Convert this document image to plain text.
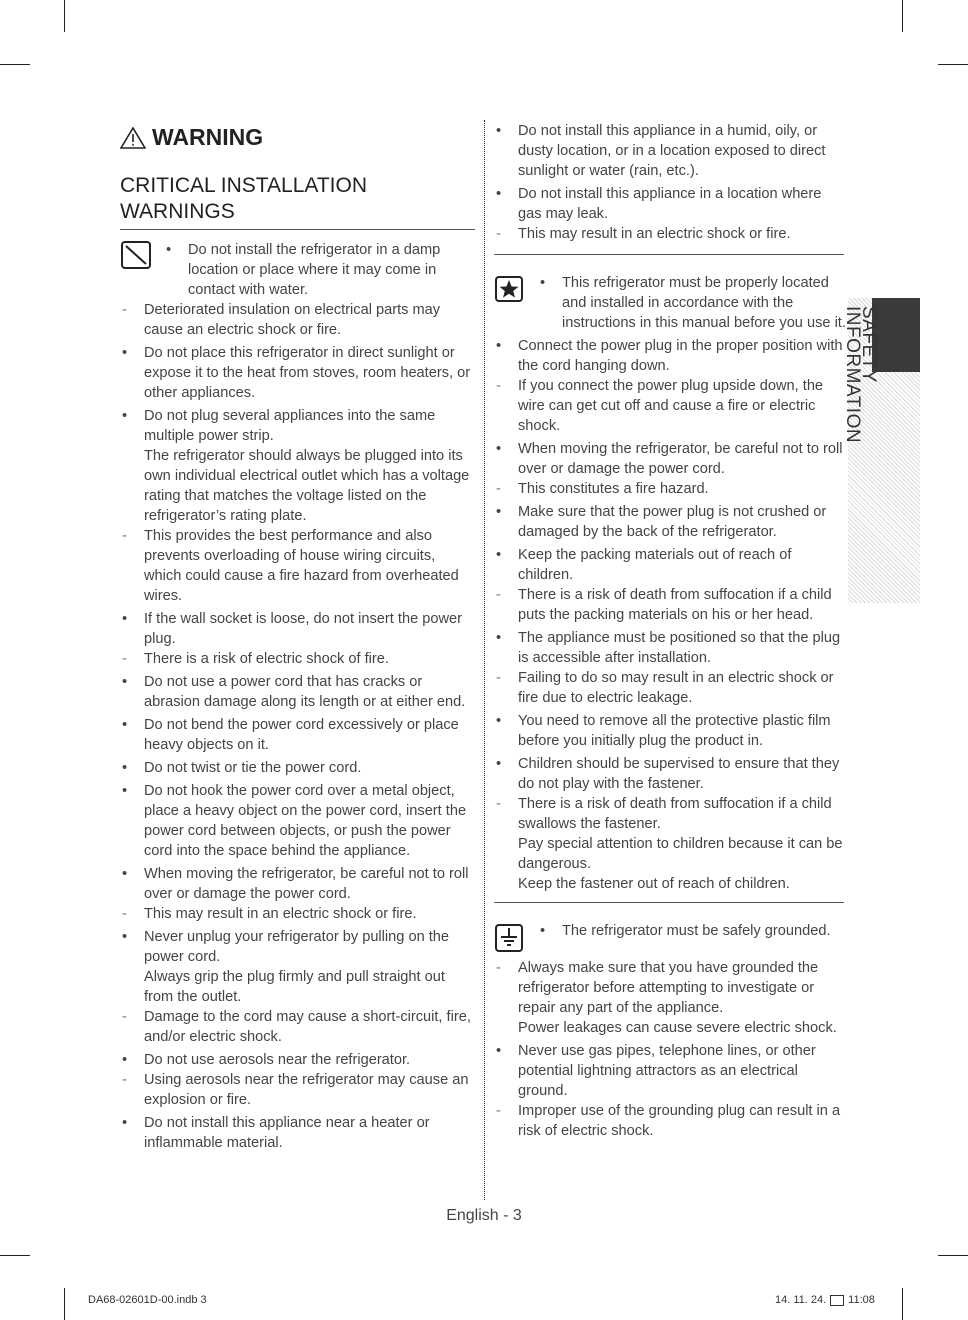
WARNING
CRITICAL INSTALLATION WARNINGS
• Do not install the refrigerator in a damp location or place where it may come in contact with water.
- Deteriorated insulation on electrical parts may cause an electric shock or fire.
• Do not place this refrigerator in direct sunlight or expose it to the heat from stoves, room heaters, or other appliances.
• Do not plug several appliances into the same multiple power strip.
The refrigerator should always be plugged into its own individual electrical outlet which has a voltage rating that matches the voltage listed on the refrigerator’s rating plate.
- This provides the best performance and also prevents overloading of house wiring circuits, which could cause a fire hazard from overheated wires.
• If the wall socket is loose, do not insert the power plug.
- There is a risk of electric shock of fire.
• Do not use a power cord that has cracks or abrasion damage along its length or at either end.
• Do not bend the power cord excessively or place heavy objects on it.
• Do not twist or tie the power cord.
• Do not hook the power cord over a metal object, place a heavy object on the power cord, insert the power cord between objects, or push the power cord into the space behind the appliance.
• When moving the refrigerator, be careful not to roll over or damage the power cord.
- This may result in an electric shock or fire.
• Never unplug your refrigerator by pulling on the power cord.
Always grip the plug firmly and pull straight out from the outlet.
- Damage to the cord may cause a short-circuit, fire, and/or electric shock.
• Do not use aerosols near the refrigerator.
- Using aerosols near the refrigerator may cause an explosion or fire.
• Do not install this appliance near a heater or inflammable material.
• Do not install this appliance in a humid, oily, or dusty location, or in a location exposed to direct sunlight or water (rain, etc.).
• Do not install this appliance in a location where gas may leak.
- This may result in an electric shock or fire.
• This refrigerator must be properly located and installed in accordance with the instructions in this manual before you use it.
• Connect the power plug in the proper position with the cord hanging down.
- If you connect the power plug upside down, the wire can get cut off and cause a fire or electric shock.
• When moving the refrigerator, be careful not to roll over or damage the power cord.
- This constitutes a fire hazard.
• Make sure that the power plug is not crushed or damaged by the back of the refrigerator.
• Keep the packing materials out of reach of children.
- There is a risk of death from suffocation if a child puts the packing materials on his or her head.
• The appliance must be positioned so that the plug is accessible after installation.
- Failing to do so may result in an electric shock or fire due to electric leakage.
• You need to remove all the protective plastic film before you initially plug the product in.
• Children should be supervised to ensure that they do not play with the fastener.
- There is a risk of death from suffocation if a child swallows the fastener.
Pay special attention to children because it can be dangerous.
Keep the fastener out of reach of children.
• The refrigerator must be safely grounded.
- Always make sure that you have grounded the refrigerator before attempting to investigate or repair any part of the appliance.
Power leakages can cause severe electric shock.
• Never use gas pipes, telephone lines, or other potential lightning attractors as an electrical ground.
- Improper use of the grounding plug can result in a risk of electric shock.
SAFETY INFORMATION
English - 3
DA68-02601D-00.indb 3	14. 11. 24. 11:08
